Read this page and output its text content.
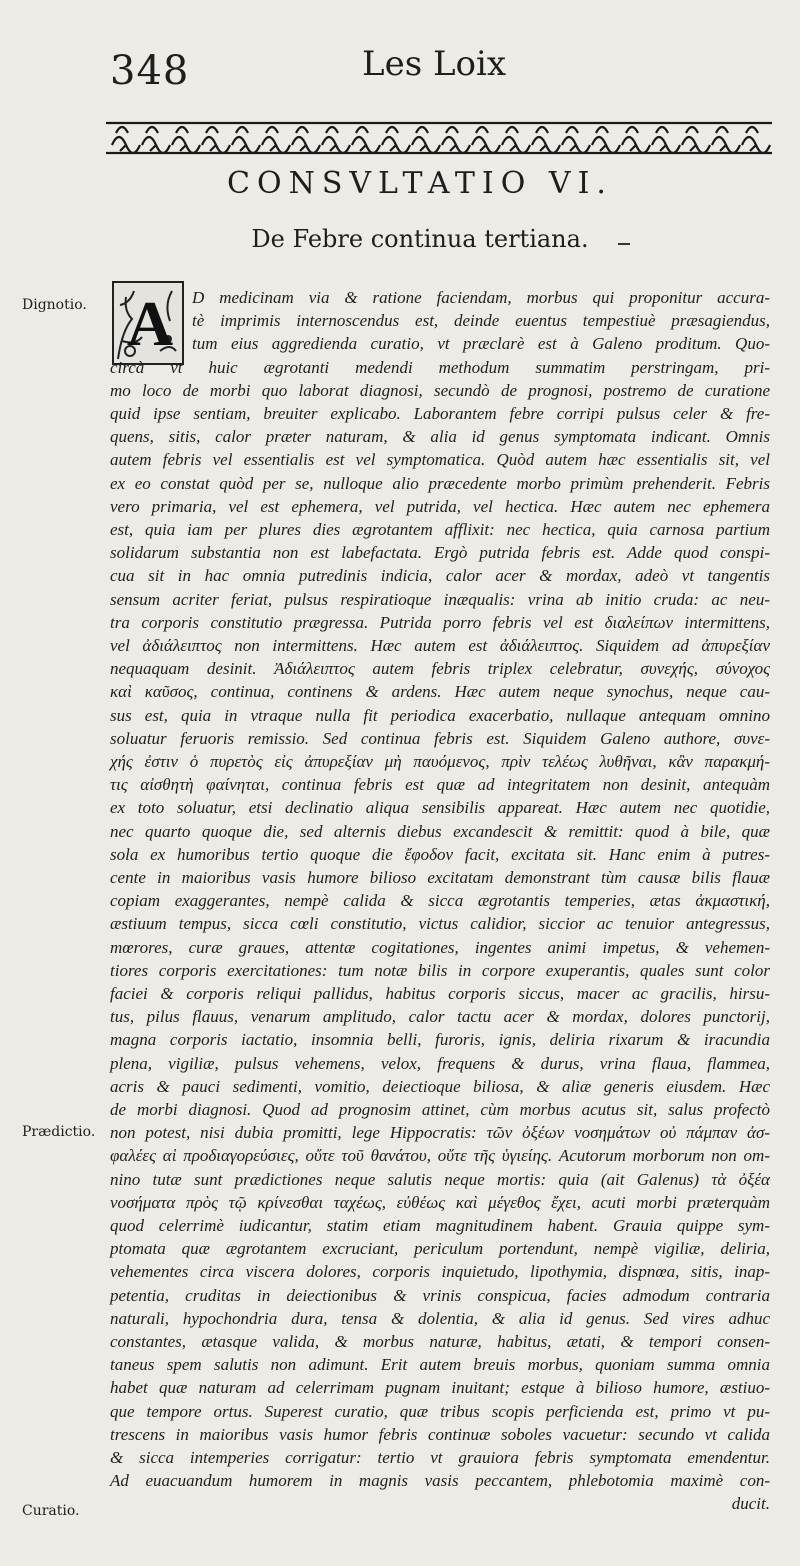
348	Les Loix
CONSVLTATIO VI.
De Febre continua tertiana.
Dignotio.
Prædictio.
Curatio.
A D medicinam via & ratione faciendam, morbus qui proponitur accura-
tè imprimis internoscendus est, deinde euentus tempestiuè præsagiendus,
tum eius aggredienda curatio, vt præclarè est à Galeno proditum. Quo-
circà vt huic ægrotanti medendi methodum summatim perstringam, pri-
mo loco de morbi quo laborat diagnosi, secundò de prognosi, postremo de curatione
quid ipse sentiam, breuiter explicabo. Laborantem febre corripi pulsus celer & fre-
quens, sitis, calor præter naturam, & alia id genus symptomata indicant. Omnis
autem febris vel essentialis est vel symptomatica. Quòd autem hæc essentialis sit, vel
ex eo constat quòd per se, nulloque alio præcedente morbo primùm prehenderit. Febris
vero primaria, vel est ephemera, vel putrida, vel hectica. Hæc autem nec ephemera
est, quia iam per plures dies ægrotantem afflixit: nec hectica, quia carnosa partium
solidarum substantia non est labefactata. Ergò putrida febris est. Adde quod conspi-
cua sit in hac omnia putredinis indicia, calor acer & mordax, adeò vt tangentis
sensum acriter feriat, pulsus respiratioque inæqualis: vrina ab initio cruda: ac neu-
tra corporis constitutio prægressa. Putrida porro febris vel est διαλείπων intermittens,
vel ἀδιάλειπτος non intermittens. Hæc autem est ἀδιάλειπτος. Siquidem ad ἀπυρεξίαν
nequaquam desinit. Ἀδιάλειπτος autem febris triplex celebratur, συνεχής, σύνοχος
καὶ καῦσος, continua, continens & ardens. Hæc autem neque synochus, neque cau-
sus est, quia in vtraque nulla fit periodica exacerbatio, nullaque antequam omnino
soluatur feruoris remissio. Sed continua febris est. Siquidem Galeno authore, συνε-
χής ἐστιν ὁ πυρετὸς εἰς ἀπυρεξίαν μὴ παυόμενος, πρὶν τελέως λυθῆναι, κἂν παρακμή-
τις αἰσθητὴ φαίνηται, continua febris est quæ ad integritatem non desinit, antequàm
ex toto soluatur, etsi declinatio aliqua sensibilis appareat. Hæc autem nec quotidie,
nec quarto quoque die, sed alternis diebus excandescit & remittit: quod à bile, quæ
sola ex humoribus tertio quoque die ἔφοδον facit, excitata sit. Hanc enim à putres-
cente in maioribus vasis humore bilioso excitatam demonstrant tùm causæ bilis flauæ
copiam exaggerantes, nempè calida & sicca ægrotantis temperies, ætas ἀκμαστική,
æstiuum tempus, sicca cœli constitutio, victus calidior, siccior ac tenuior antegressus,
mœrores, curæ graues, attentæ cogitationes, ingentes animi impetus, & vehemen-
tiores corporis exercitationes: tum notæ bilis in corpore exuperantis, quales sunt color
faciei & corporis reliqui pallidus, habitus corporis siccus, macer ac gracilis, hirsu-
tus, pilus flauus, venarum amplitudo, calor tactu acer & mordax, dolores punctorij,
magna corporis iactatio, insomnia belli, furoris, ignis, deliria rixarum & iracundia
plena, vigiliæ, pulsus vehemens, velox, frequens & durus, vrina flaua, flammea,
acris & pauci sedimenti, vomitio, deiectioque biliosa, & aliæ generis eiusdem. Hæc
de morbi diagnosi. Quod ad prognosim attinet, cùm morbus acutus sit, salus profectò
non potest, nisi dubia promitti, lege Hippocratis: τῶν ὀξέων νοσημάτων οὐ πάμπαν ἀσ-
φαλέες αἱ προδιαγορεύσιες, οὔτε τοῦ θανάτου, οὔτε τῆς ὑγιείης. Acutorum morborum non om-
nino tutæ sunt prædictiones neque salutis neque mortis: quia (ait Galenus) τὰ ὀξέα
νοσήματα πρὸς τῷ κρίνεσθαι ταχέως, εὐθέως καὶ μέγεθος ἔχει, acuti morbi præterquàm
quod celerrimè iudicantur, statim etiam magnitudinem habent. Grauia quippe sym-
ptomata quæ ægrotantem excruciant, periculum portendunt, nempè vigiliæ, deliria,
vehementes circa viscera dolores, corporis inquietudo, lipothymia, dispnœa, sitis, inap-
petentia, cruditas in deiectionibus & vrinis conspicua, facies admodum contraria
naturali, hypochondria dura, tensa & dolentia, & alia id genus. Sed vires adhuc
constantes, ætasque valida, & morbus naturæ, habitus, ætati, & tempori consen-
taneus spem salutis non adimunt. Erit autem breuis morbus, quoniam summa omnia
habet quæ naturam ad celerrimam pugnam inuitant; estque à bilioso humore, æstiuo-
que tempore ortus. Superest curatio, quæ tribus scopis perficienda est, primo vt pu-
trescens in maioribus vasis humor febris continuæ soboles vacuetur: secundo vt calida
& sicca intemperies corrigatur: tertio vt grauiora febris symptomata emendentur.
Ad euacuandum humorem in magnis vasis peccantem, phlebotomia maximè con-
ducit.
